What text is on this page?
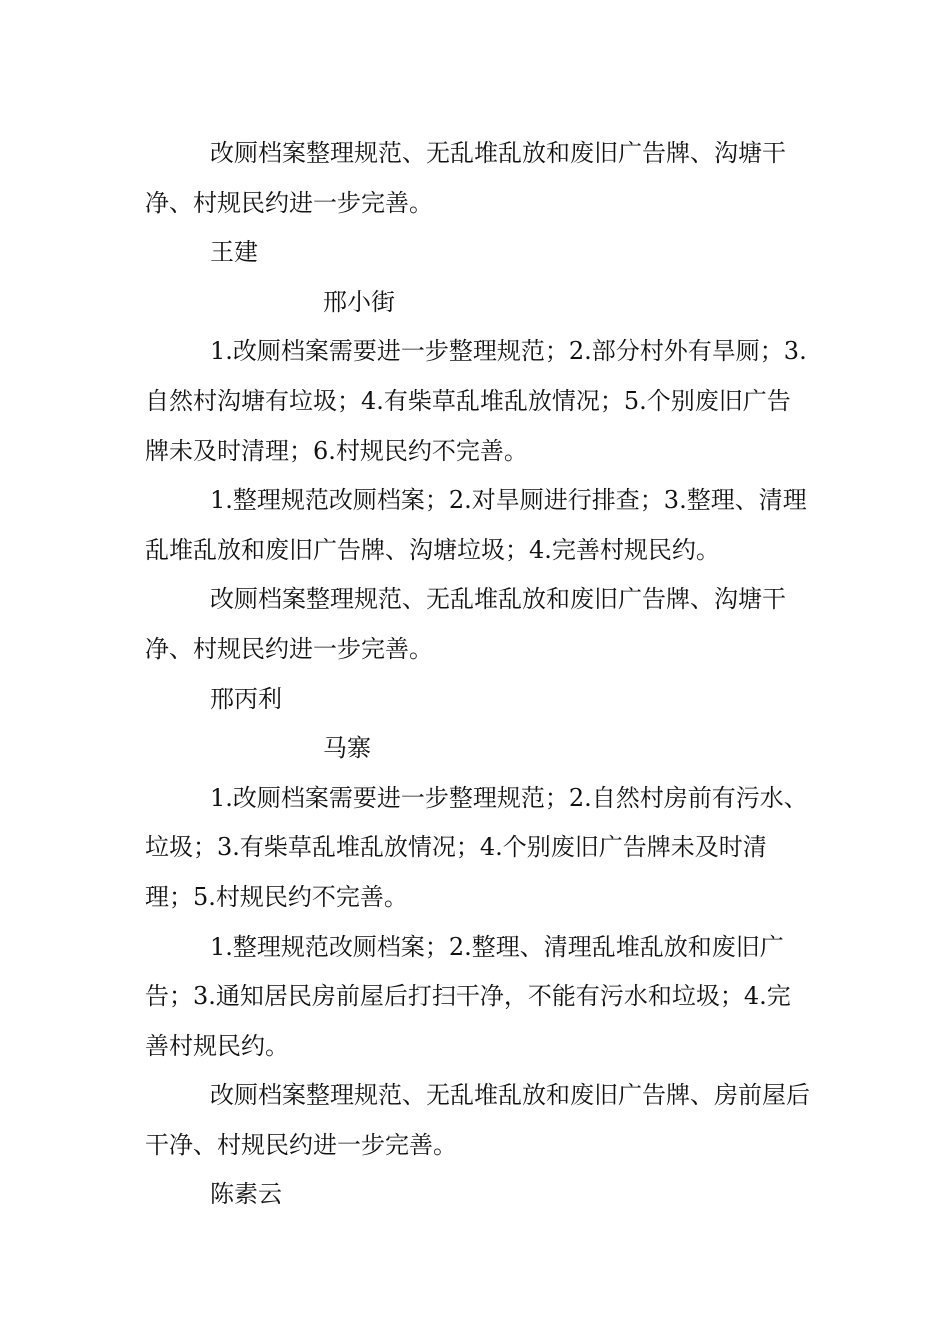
改厕档案整理规范、无乱堆乱放和废旧广告牌、沟塘干净、村规民约进一步完善。

王建

邢小街

1.改厕档案需要进一步整理规范；2.部分村外有旱厕；3.自然村沟塘有垃圾；4.有柴草乱堆乱放情况；5.个别废旧广告牌未及时清理；6.村规民约不完善。

1.整理规范改厕档案；2.对旱厕进行排查；3.整理、清理乱堆乱放和废旧广告牌、沟塘垃圾；4.完善村规民约。

改厕档案整理规范、无乱堆乱放和废旧广告牌、沟塘干净、村规民约进一步完善。

邢丙利

马寨

1.改厕档案需要进一步整理规范；2.自然村房前有污水、垃圾；3.有柴草乱堆乱放情况；4.个别废旧广告牌未及时清理；5.村规民约不完善。

1.整理规范改厕档案；2.整理、清理乱堆乱放和废旧广告；3.通知居民房前屋后打扫干净，不能有污水和垃圾；4.完善村规民约。

改厕档案整理规范、无乱堆乱放和废旧广告牌、房前屋后干净、村规民约进一步完善。

陈素云
